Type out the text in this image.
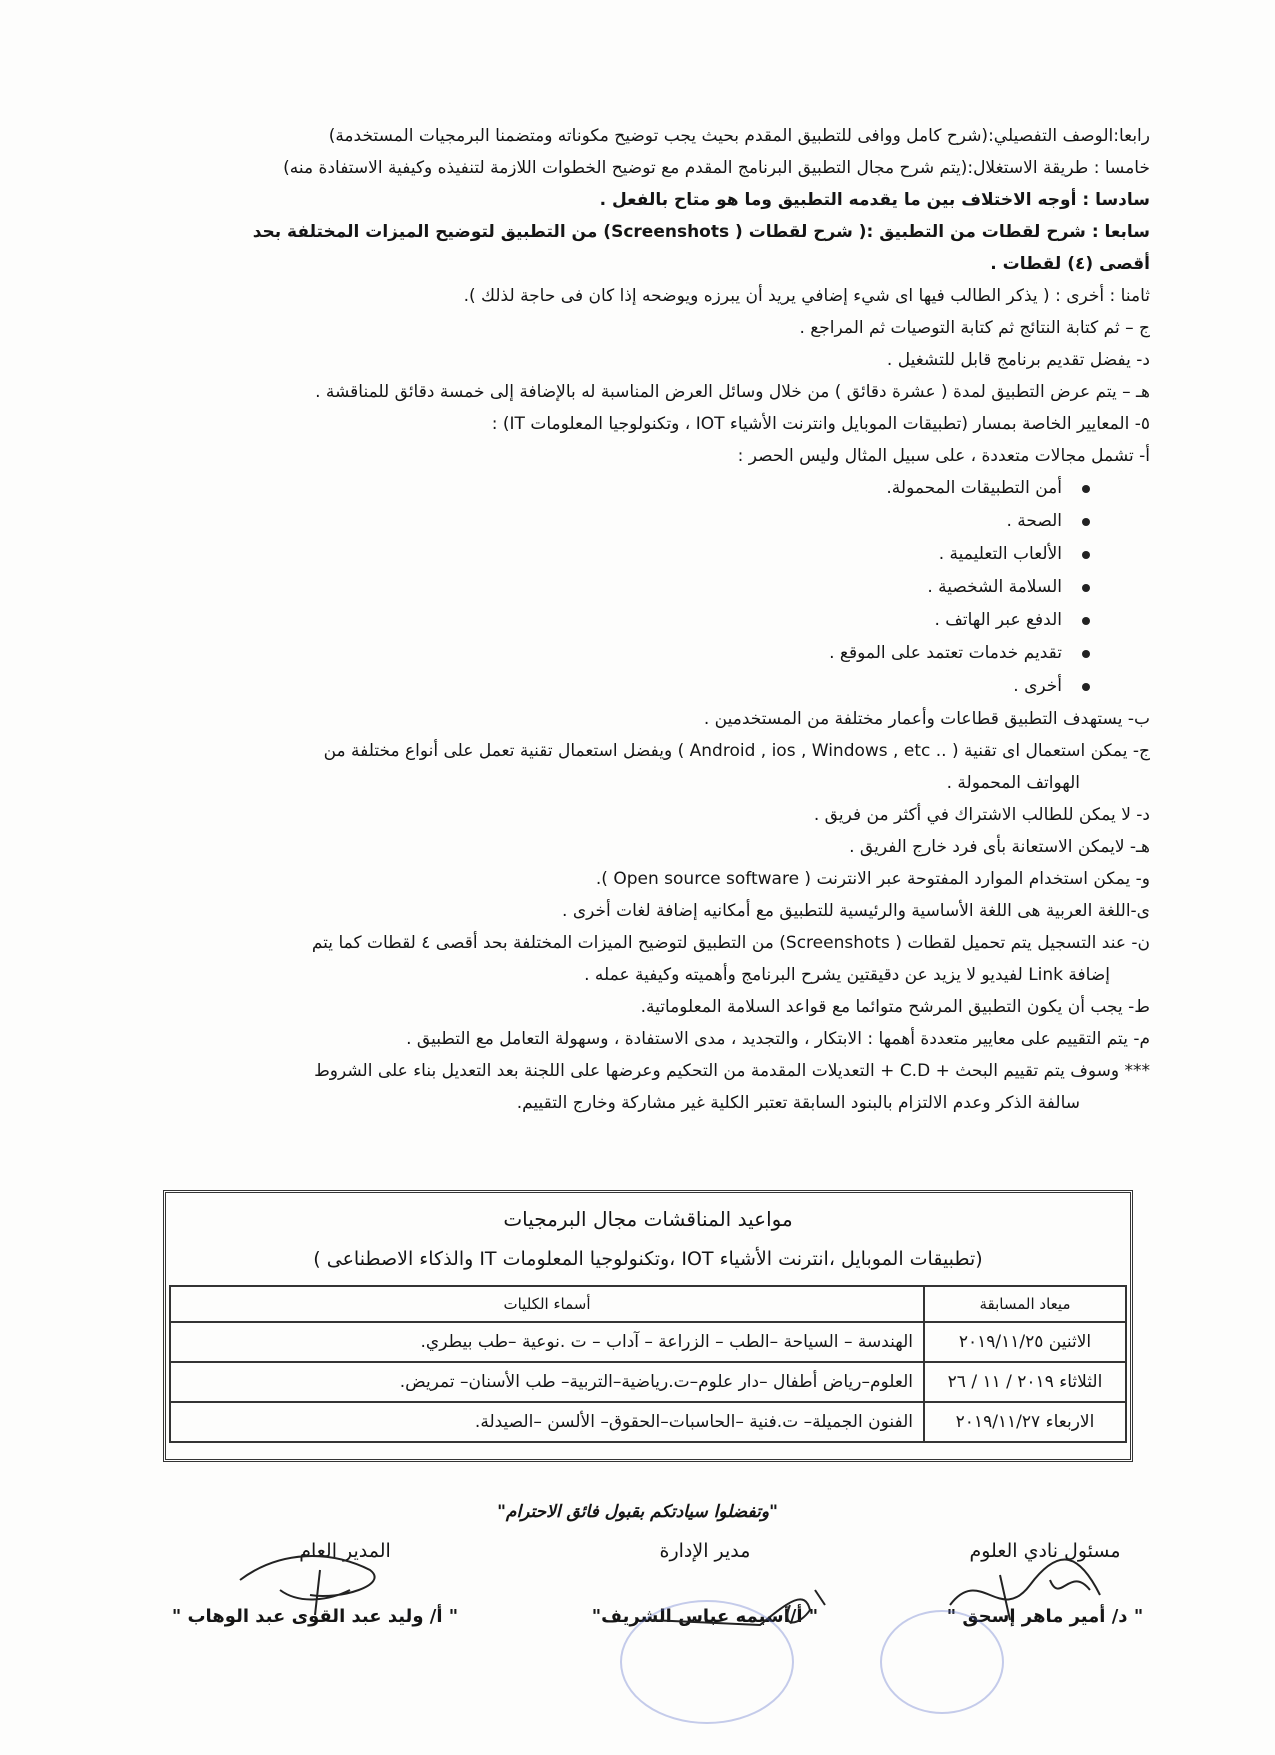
رابعا:الوصف التفصيلي:(شرح كامل ووافى للتطبيق المقدم بحيث يجب توضيح مكوناته ومتضمنا البرمجيات المستخدمة)
خامسا : طريقة الاستغلال:(يتم شرح مجال التطبيق البرنامج المقدم مع توضيح الخطوات اللازمة لتنفيذه وكيفية الاستفادة منه)
سادسا : أوجه الاختلاف بين ما يقدمه التطبيق وما هو متاح بالفعل .
سابعا : شرح لقطات من التطبيق :( شرح لقطات ( Screenshots) من التطبيق لتوضيح الميزات المختلفة بحد
أقصى (٤) لقطات .
ثامنا : أخرى : ( يذكر الطالب فيها اى شيء إضافي يريد أن يبرزه ويوضحه إذا كان فى حاجة لذلك ).
ج – ثم كتابة النتائج ثم كتابة التوصيات ثم المراجع .
د- يفضل تقديم برنامج قابل للتشغيل .
هـ – يتم عرض التطبيق لمدة ( عشرة دقائق ) من خلال وسائل العرض المناسبة له بالإضافة إلى خمسة دقائق للمناقشة .
٥- المعايير الخاصة بمسار (تطبيقات الموبايل وانترنت الأشياء IOT ، وتكنولوجيا المعلومات IT) :
أ- تشمل مجالات متعددة ، على سبيل المثال وليس الحصر :
أمن التطبيقات المحمولة.
الصحة .
الألعاب التعليمية .
السلامة الشخصية .
الدفع عبر الهاتف .
تقديم خدمات تعتمد على الموقع .
أخرى .
ب- يستهدف التطبيق قطاعات وأعمار مختلفة من المستخدمين .
ج- يمكن استعمال اى تقنية ( .. Android , ios , Windows , etc ) ويفضل استعمال تقنية تعمل على أنواع مختلفة من
الهواتف المحمولة .
د- لا يمكن للطالب الاشتراك في أكثر من فريق .
هـ- لايمكن الاستعانة بأى فرد خارج الفريق .
و- يمكن استخدام الموارد المفتوحة عبر الانترنت ( Open source software ).
ى-اللغة العربية هى اللغة الأساسية والرئيسية للتطبيق مع أمكانيه إضافة لغات أخرى .
ن- عند التسجيل يتم تحميل لقطات ( Screenshots) من التطبيق لتوضيح الميزات المختلفة بحد أقصى ٤ لقطات كما يتم
إضافة Link لفيديو لا يزيد عن دقيقتين يشرح البرنامج وأهميته وكيفية عمله .
ط- يجب أن يكون التطبيق المرشح متوائما مع قواعد السلامة المعلوماتية.
م- يتم التقييم على معايير متعددة أهمها : الابتكار ، والتجديد ، مدى الاستفادة ، وسهولة التعامل مع التطبيق .
*** وسوف يتم تقييم البحث + C.D + التعديلات المقدمة من التحكيم وعرضها على اللجنة بعد التعديل بناء على الشروط
سالفة الذكر وعدم الالتزام بالبنود السابقة تعتبر الكلية غير مشاركة وخارج التقييم.
مواعيد المناقشات مجال البرمجيات
(تطبيقات الموبايل ،انترنت الأشياء IOT ،وتكنولوجيا المعلومات IT والذكاء الاصطناعى )
ميعاد المسابقة	أسماء الكليات
الاثنين ٢٠١٩/١١/٢٥	الهندسة – السياحة –الطب – الزراعة – آداب – ت .نوعية –طب بيطري.
الثلاثاء ٢٠١٩ / ١١ / ٢٦	العلوم–رياض أطفال –دار علوم–ت.رياضية–التربية– طب الأسنان– تمريض.
الاربعاء ٢٠١٩/١١/٢٧	الفنون الجميلة– ت.فنية –الحاسبات–الحقوق– الألسن –الصيدلة.
"وتفضلوا سيادتكم بقبول فائق الاحترام"
مسئول نادي العلوم
" د/ أمير ماهر إسحق "
مدير الإدارة
" أ/أسيمه عباس الشريف"
المدير العام
" أ/ وليد عبد القوى عبد الوهاب "
